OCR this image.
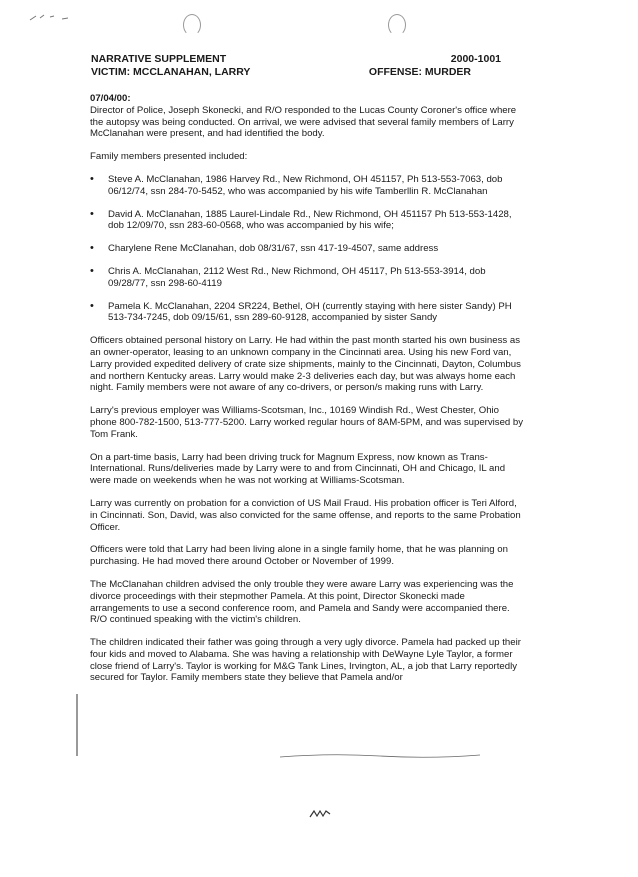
NARRATIVE SUPPLEMENT	2000-1001
VICTIM: MCCLANAHAN, LARRY	OFFENSE: MURDER
07/04/00:

Director of Police, Joseph Skonecki, and R/O responded to the Lucas County Coroner's office where the autopsy was being conducted. On arrival, we were advised that several family members of Larry McClanahan were present, and had identified the body.

Family members presented included:

• Steve A. McClanahan, 1986 Harvey Rd., New Richmond, OH 451157, Ph 513-553-7063, dob 06/12/74, ssn 284-70-5452, who was accompanied by his wife Tamberllin R. McClanahan
• David A. McClanahan, 1885 Laurel-Lindale Rd., New Richmond, OH 451157 Ph 513-553-1428, dob 12/09/70, ssn 283-60-0568, who was accompanied by his wife;
• Charylene Rene McClanahan, dob 08/31/67, ssn 417-19-4507, same address
• Chris A. McClanahan, 2112 West Rd., New Richmond, OH 45117, Ph 513-553-3914, dob 09/28/77, ssn 298-60-4119
• Pamela K. McClanahan, 2204 SR224, Bethel, OH (currently staying with here sister Sandy) PH 513-734-7245, dob 09/15/61, ssn 289-60-9128, accompanied by sister Sandy

Officers obtained personal history on Larry. He had within the past month started his own business as an owner-operator, leasing to an unknown company in the Cincinnati area. Using his new Ford van, Larry provided expedited delivery of crate size shipments, mainly to the Cincinnati, Dayton, Columbus and northern Kentucky areas. Larry would make 2-3 deliveries each day, but was always home each night. Family members were not aware of any co-drivers, or person/s making runs with Larry.

Larry's previous employer was Williams-Scotsman, Inc., 10169 Windish Rd., West Chester, Ohio phone 800-782-1500, 513-777-5200. Larry worked regular hours of 8AM-5PM, and was supervised by Tom Frank.

On a part-time basis, Larry had been driving truck for Magnum Express, now known as Trans-International. Runs/deliveries made by Larry were to and from Cincinnati, OH and Chicago, IL and were made on weekends when he was not working at Williams-Scotsman.

Larry was currently on probation for a conviction of US Mail Fraud. His probation officer is Teri Alford, in Cincinnati. Son, David, was also convicted for the same offense, and reports to the same Probation Officer.

Officers were told that Larry had been living alone in a single family home, that he was planning on purchasing. He had moved there around October or November of 1999.

The McClanahan children advised the only trouble they were aware Larry was experiencing was the divorce proceedings with their stepmother Pamela. At this point, Director Skonecki made arrangements to use a second conference room, and Pamela and Sandy were accompanied there. R/O continued speaking with the victim's children.

The children indicated their father was going through a very ugly divorce. Pamela had packed up their four kids and moved to Alabama. She was having a relationship with DeWayne Lyle Taylor, a former close friend of Larry's. Taylor is working for M&G Tank Lines, Irvington, AL, a job that Larry reportedly secured for Taylor. Family members state they believe that Pamela and/or
